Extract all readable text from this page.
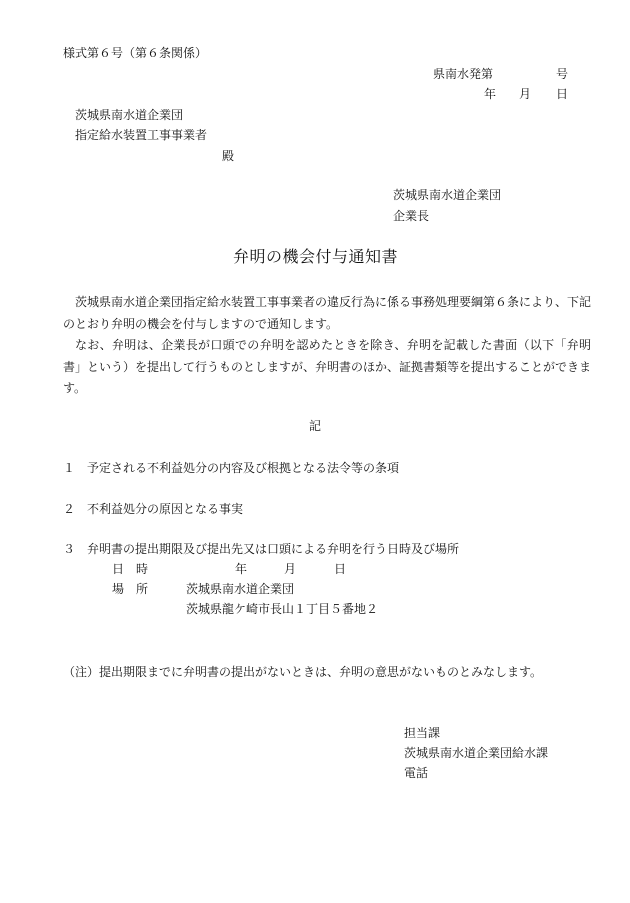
様式第６号（第６条関係）
県南水発第	号
年 月 日
茨城県南水道企業団
指定給水装置工事事業者
殿
茨城県南水道企業団
企業長
弁明の機会付与通知書
茨城県南水道企業団指定給水装置工事事業者の違反行為に係る事務処理要綱第６条により、下記のとおり弁明の機会を付与しますので通知します。
なお、弁明は、企業長が口頭での弁明を認めたときを除き、弁明を記載した書面（以下「弁明書」という）を提出して行うものとしますが、弁明書のほか、証拠書類等を提出することができます。
記
１ 予定される不利益処分の内容及び根拠となる法令等の条項
２ 不利益処分の原因となる事実
３ 弁明書の提出期限及び提出先又は口頭による弁明を行う日時及び場所
日　時	年	月	日
場　所	茨城県南水道企業団
茨城県龍ケ崎市長山１丁目５番地２
（注）提出期限までに弁明書の提出がないときは、弁明の意思がないものとみなします。
担当課
茨城県南水道企業団給水課
電話
